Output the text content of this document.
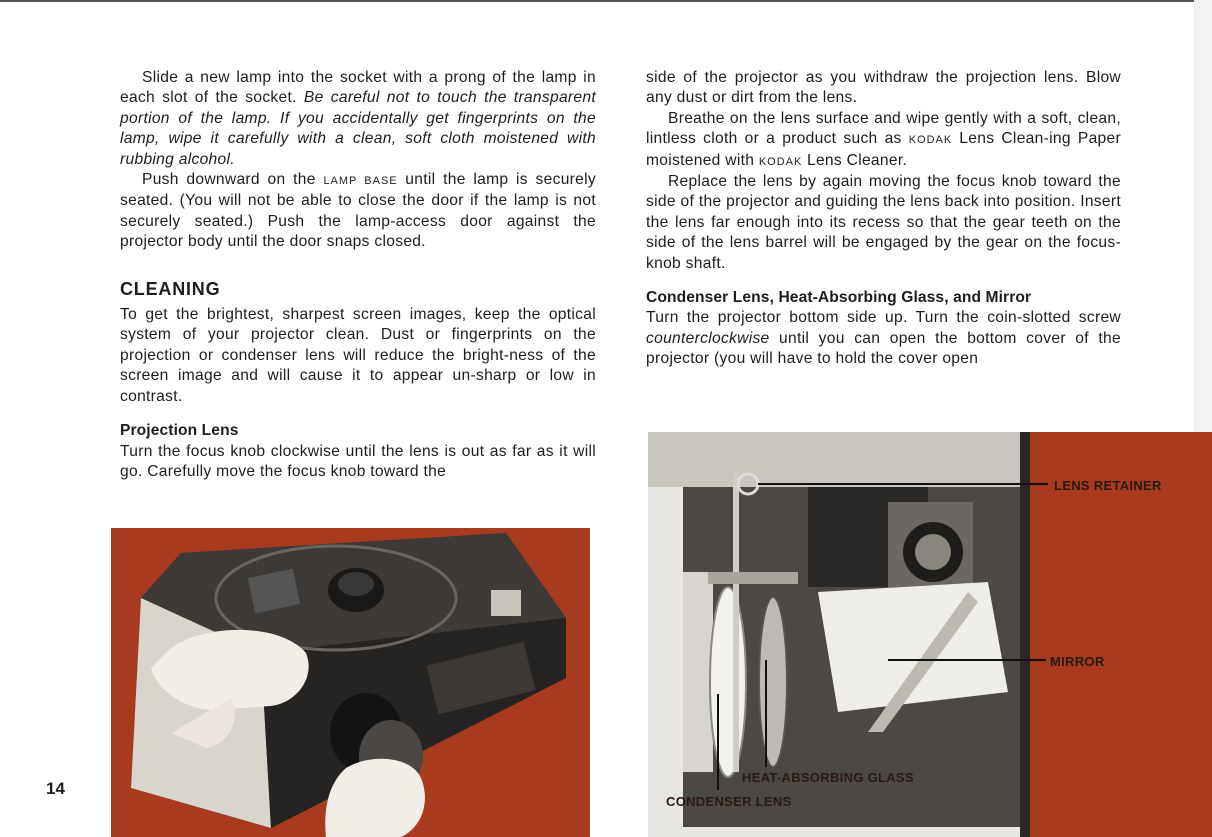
Slide a new lamp into the socket with a prong of the lamp in each slot of the socket. Be careful not to touch the transparent portion of the lamp. If you accidentally get fingerprints on the lamp, wipe it carefully with a clean, soft cloth moistened with rubbing alcohol.

Push downward on the LAMP BASE until the lamp is securely seated. (You will not be able to close the door if the lamp is not securely seated.) Push the lamp-access door against the projector body until the door snaps closed.

CLEANING

To get the brightest, sharpest screen images, keep the optical system of your projector clean. Dust or fingerprints on the projection or condenser lens will reduce the bright-ness of the screen image and will cause it to appear un-sharp or low in contrast.

Projection Lens

Turn the focus knob clockwise until the lens is out as far as it will go. Carefully move the focus knob toward the

side of the projector as you withdraw the projection lens. Blow any dust or dirt from the lens.

Breathe on the lens surface and wipe gently with a soft, clean, lintless cloth or a product such as KODAK Lens Clean-ing Paper moistened with KODAK Lens Cleaner.

Replace the lens by again moving the focus knob toward the side of the projector and guiding the lens back into position. Insert the lens far enough into its recess so that the gear teeth on the side of the lens barrel will be engaged by the gear on the focus-knob shaft.

Condenser Lens, Heat-Absorbing Glass, and Mirror

Turn the projector bottom side up. Turn the coin-slotted screw counterclockwise until you can open the bottom cover of the projector (you will have to hold the cover open

LENS RETAINER
MIRROR
HEAT-ABSORBING GLASS
CONDENSER LENS
14
